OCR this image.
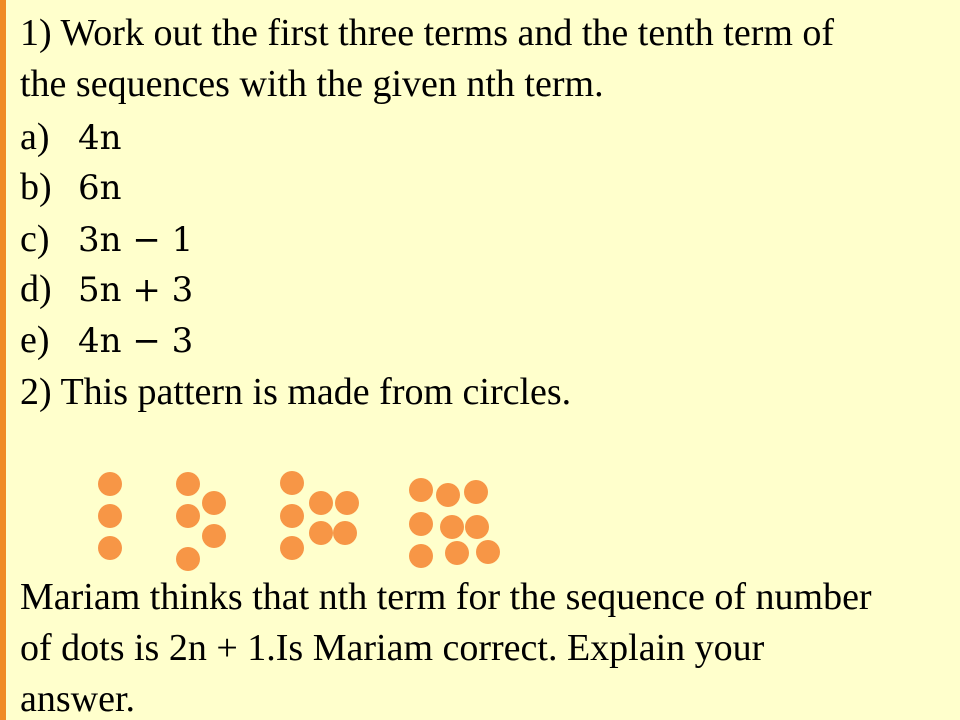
1) Work out the first three terms and the tenth term of
the sequences with the given nth term.
a) 4n
b) 6n
c) 3n − 1
d) 5n + 3
e) 4n − 3
2) This pattern is made from circles.
Mariam thinks that nth term for the sequence of number
of dots is 2n + 1.Is Mariam correct. Explain your
answer.
